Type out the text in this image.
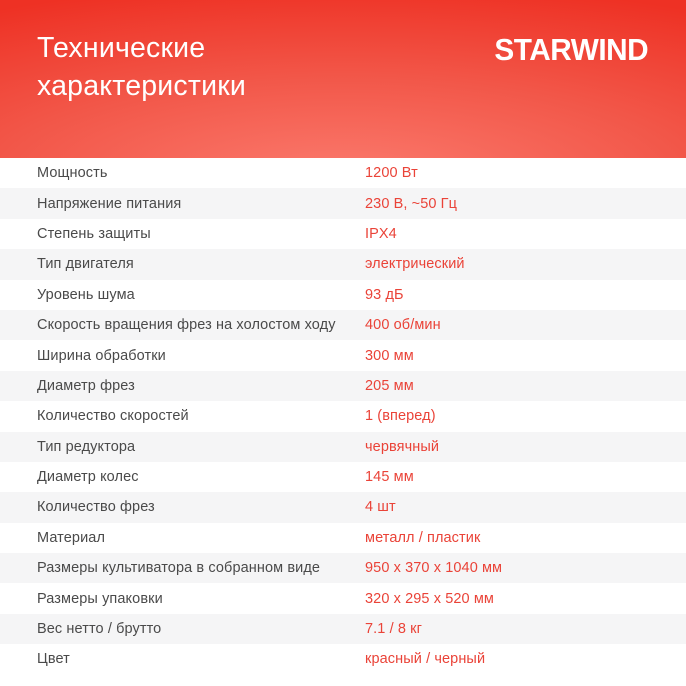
Технические характеристики
STARWIND
Мощность	1200 Вт
Напряжение питания	230 В, ~50 Гц
Степень защиты	IPX4
Тип двигателя	электрический
Уровень шума	93 дБ
Скорость вращения фрез на холостом ходу	400 об/мин
Ширина обработки	300 мм
Диаметр фрез	205 мм
Количество скоростей	1 (вперед)
Тип редуктора	червячный
Диаметр колес	145 мм
Количество фрез	4 шт
Материал	металл / пластик
Размеры культиватора в собранном виде	950 x 370 x 1040 мм
Размеры упаковки	320 x 295 x 520 мм
Вес нетто / брутто	7.1 / 8 кг
Цвет	красный / черный
